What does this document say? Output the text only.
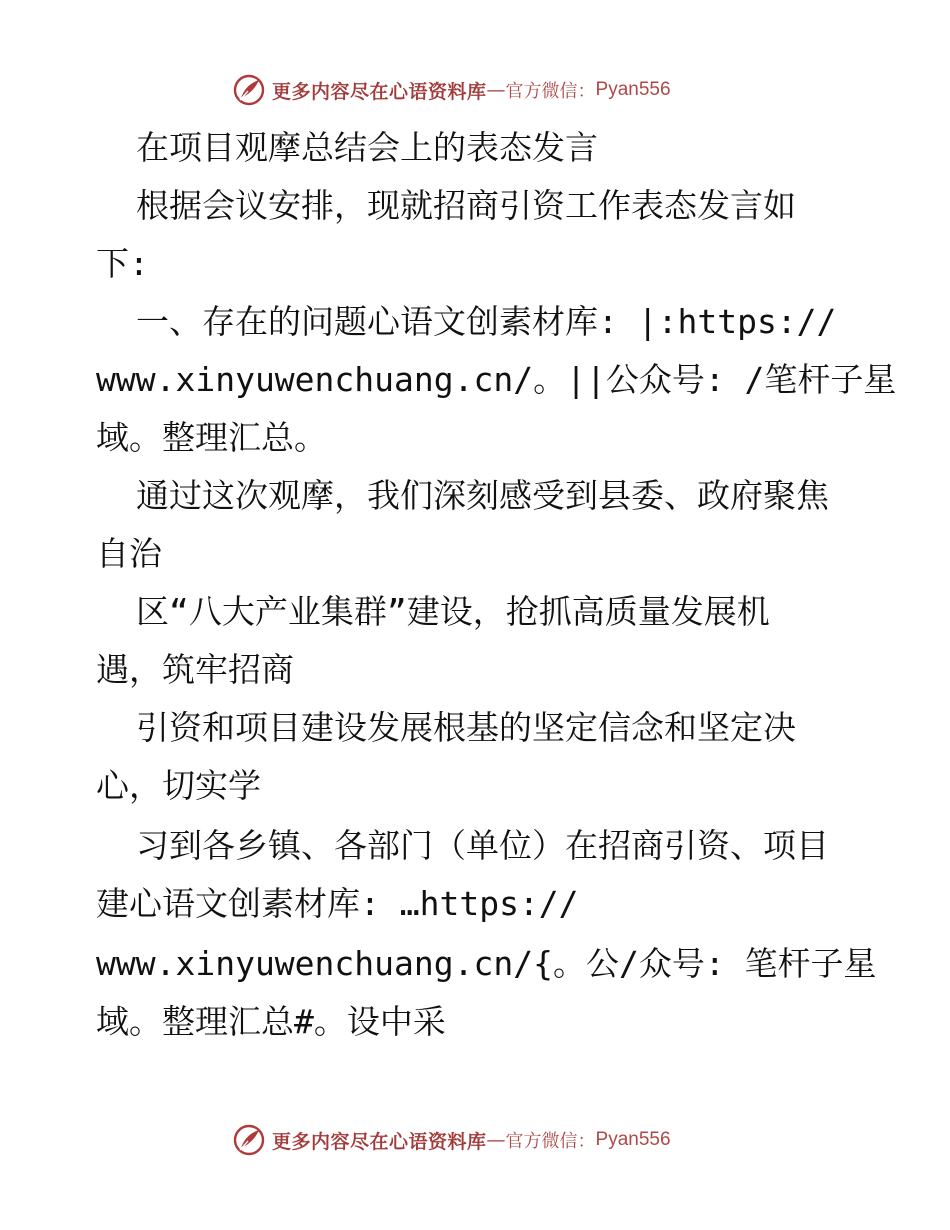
更多内容尽在心语资料库 — 官方微信： Pyan556
在项目观摩总结会上的表态发言
根据会议安排，现就招商引资工作表态发言如
下:
一、存在的问题心语文创素材库: |:https://
www.xinyuwenchuang.cn/。||公众号: /笔杆子星
域。整理汇总。
通过这次观摩，我们深刻感受到县委、政府聚焦
自治
区“八大产业集群”建设，抢抓高质量发展机
遇，筑牢招商
引资和项目建设发展根基的坚定信念和坚定决
心，切实学
习到各乡镇、各部门（单位）在招商引资、项目
建心语文创素材库: …https://
www.xinyuwenchuang.cn/{。公/众号: 笔杆子星
域。整理汇总#。设中采
更多内容尽在心语资料库 — 官方微信： Pyan556
